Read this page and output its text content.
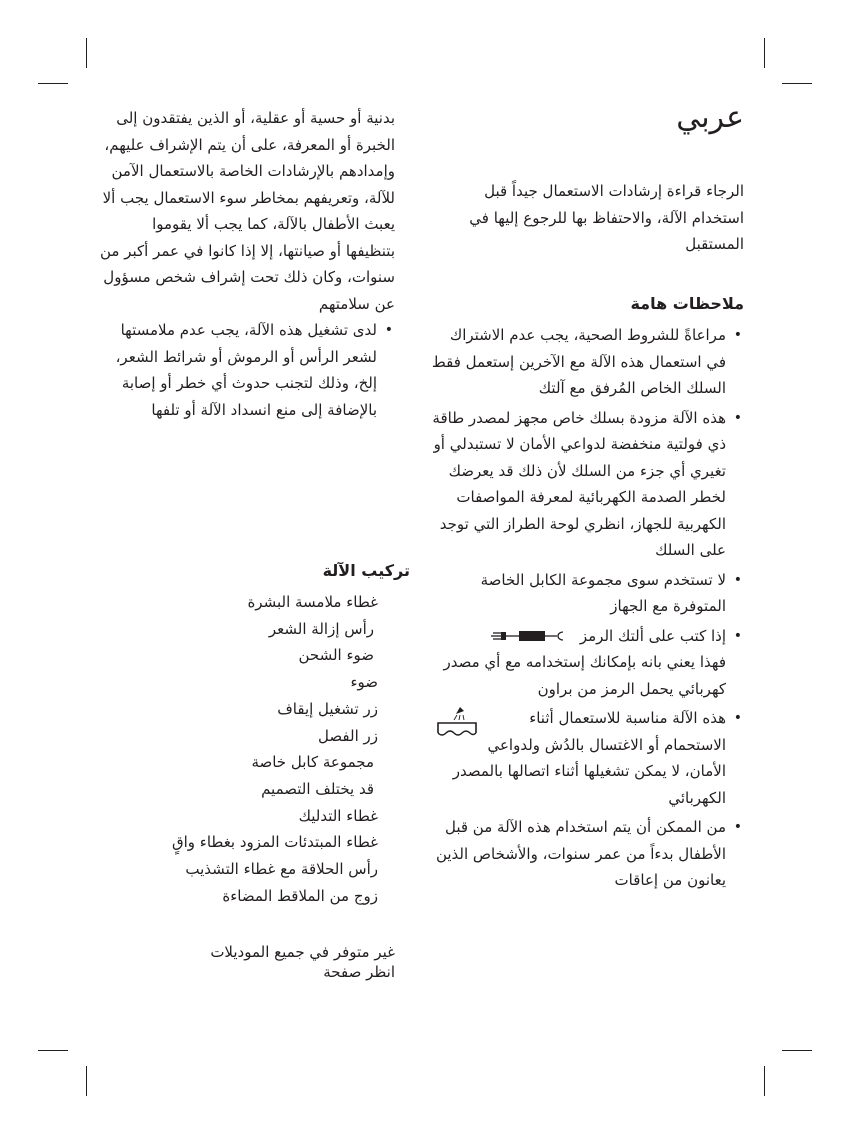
عربي
الرجاء قراءة إرشادات الاستعمال جيداً قبل استخدام الآلة، والاحتفاظ بها للرجوع إليها في المستقبل
ملاحظات هامة
•
مراعاةً للشروط الصحية، يجب عدم الاشتراك في استعمال هذه الآلة مع الآخرين إستعمل فقط السلك الخاص المُرفق مع آلتك
•
هذه الآلة مزودة بسلك خاص مجهز لمصدر طاقة ذي فولتية منخفضة لدواعي الأمان لا تستبدلي أو تغيري أي جزء من السلك لأن ذلك قد يعرضك لخطر الصدمة الكهربائية لمعرفة المواصفات الكهربية للجهاز، انظري لوحة الطراز التي توجد على السلك
•
لا تستخدم سوى مجموعة الكابل الخاصة المتوفرة مع الجهاز
•
إذا كتب على ألتك الرمز
فهذا يعني بانه بإمكانك إستخدامه مع أي مصدر كهربائي يحمل الرمز من براون
•
هذه الآلة مناسبة للاستعمال أثناء الاستحمام أو الاغتسال بالدُش ولدواعي الأمان، لا يمكن تشغيلها أثناء اتصالها بالمصدر الكهربائي
•
من الممكن أن يتم استخدام هذه الآلة من قبل الأطفال بدءاً من عمر سنوات، والأشخاص الذين يعانون من إعاقات
بدنية أو حسية أو عقلية، أو الذين يفتقدون إلى الخبرة أو المعرفة، على أن يتم الإشراف عليهم، وإمدادهم بالإرشادات الخاصة بالاستعمال الآمن للآلة، وتعريفهم بمخاطر سوء الاستعمال يجب ألا يعبث الأطفال بالآلة، كما يجب ألا يقوموا بتنظيفها أو صيانتها، إلا إذا كانوا في عمر أكبر من سنوات، وكان ذلك تحت إشراف شخص مسؤول عن سلامتهم
•
لدى تشغيل هذه الآلة، يجب عدم ملامستها لشعر الرأس أو الرموش أو شرائط الشعر، إلخ، وذلك لتجنب حدوث أي خطر أو إصابة بالإضافة إلى منع انسداد الآلة أو تلفها
تركيب الآلة
غطاء ملامسة البشرة
رأس إزالة الشعر
ضوء الشحن
ضوء
زر تشغيل إيقاف
زر الفصل
مجموعة كابل خاصة
قد يختلف التصميم
غطاء التدليك
غطاء المبتدئات المزود بغطاء واقٍ
رأس الحلاقة مع غطاء التشذيب
زوج من الملاقط المضاءة
غير متوفر في جميع الموديلات
انظر صفحة
